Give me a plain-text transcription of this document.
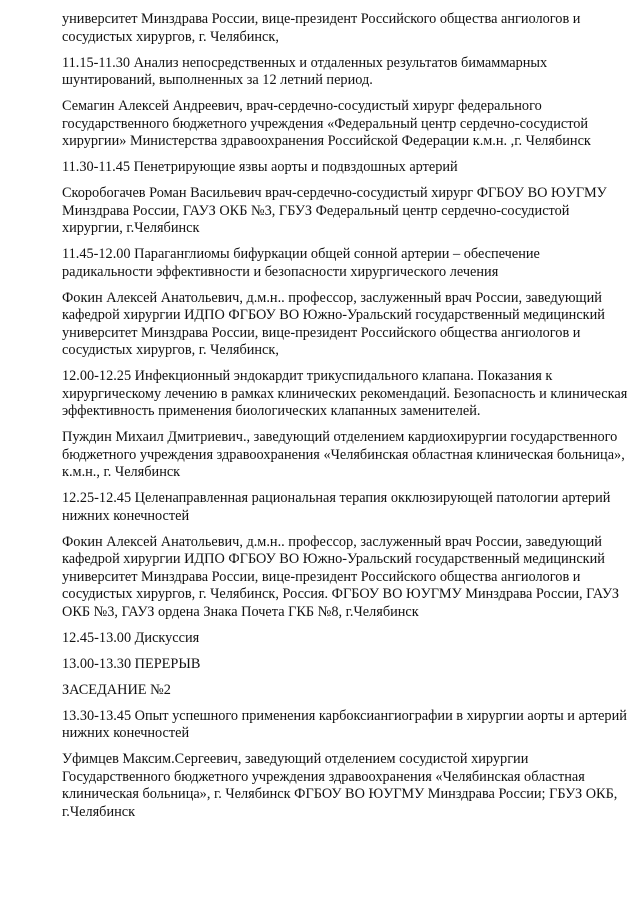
университет Минздрава России, вице-президент Российского общества ангиологов и
сосудистых хирургов, г. Челябинск,

11.15-11.30 Анализ непосредственных и отдаленных результатов бимаммарных
шунтирований, выполненных за 12 летний период.

Семагин Алексей Андреевич, врач-сердечно-сосудистый хирург федерального
государственного бюджетного учреждения «Федеральный центр сердечно-сосудистой
хирургии» Министерства здравоохранения Российской Федерации к.м.н. ,г. Челябинск

11.30-11.45 Пенетрирующие язвы аорты и подвздошных артерий

Скоробогачев Роман Васильевич врач-сердечно-сосудистый хирург ФГБОУ ВО ЮУГМУ
Минздрава России, ГАУЗ ОКБ №3, ГБУЗ Федеральный центр сердечно-сосудистой
хирургии, г.Челябинск

11.45-12.00 Параганглиомы бифуркации общей сонной артерии – обеспечение
радикальности эффективности и безопасности хирургического лечения

Фокин Алексей Анатольевич, д.м.н.. профессор, заслуженный врач России, заведующий
кафедрой хирургии ИДПО ФГБОУ ВО Южно-Уральский государственный медицинский
университет Минздрава России, вице-президент Российского общества ангиологов и
сосудистых хирургов, г. Челябинск,

12.00-12.25 Инфекционный эндокардит трикуспидального клапана. Показания к
хирургическому лечению в рамках клинических рекомендаций. Безопасность и клиническая
эффективность применения биологических клапанных заменителей.

Пуждин Михаил Дмитриевич., заведующий отделением кардиохирургии государственного
бюджетного учреждения здравоохранения «Челябинская областная клиническая больница»,
к.м.н., г. Челябинск

12.25-12.45 Целенаправленная рациональная терапия окклюзирующей патологии артерий
нижних конечностей

Фокин Алексей Анатольевич, д.м.н.. профессор, заслуженный врач России, заведующий
кафедрой хирургии ИДПО ФГБОУ ВО Южно-Уральский государственный медицинский
университет Минздрава России, вице-президент Российского общества ангиологов и
сосудистых хирургов, г. Челябинск, Россия. ФГБОУ ВО ЮУГМУ Минздрава России, ГАУЗ
ОКБ №3, ГАУЗ ордена Знака Почета ГКБ №8, г.Челябинск

12.45-13.00 Дискуссия

13.00-13.30 ПЕРЕРЫВ

ЗАСЕДАНИЕ №2

13.30-13.45 Опыт успешного применения карбоксиангиографии в хирургии аорты и артерий
нижних конечностей

Уфимцев Максим.Сергеевич, заведующий отделением сосудистой хирургии
Государственного бюджетного учреждения здравоохранения «Челябинская областная
клиническая больница», г. Челябинск ФГБОУ ВО ЮУГМУ Минздрава России; ГБУЗ ОКБ,
г.Челябинск
